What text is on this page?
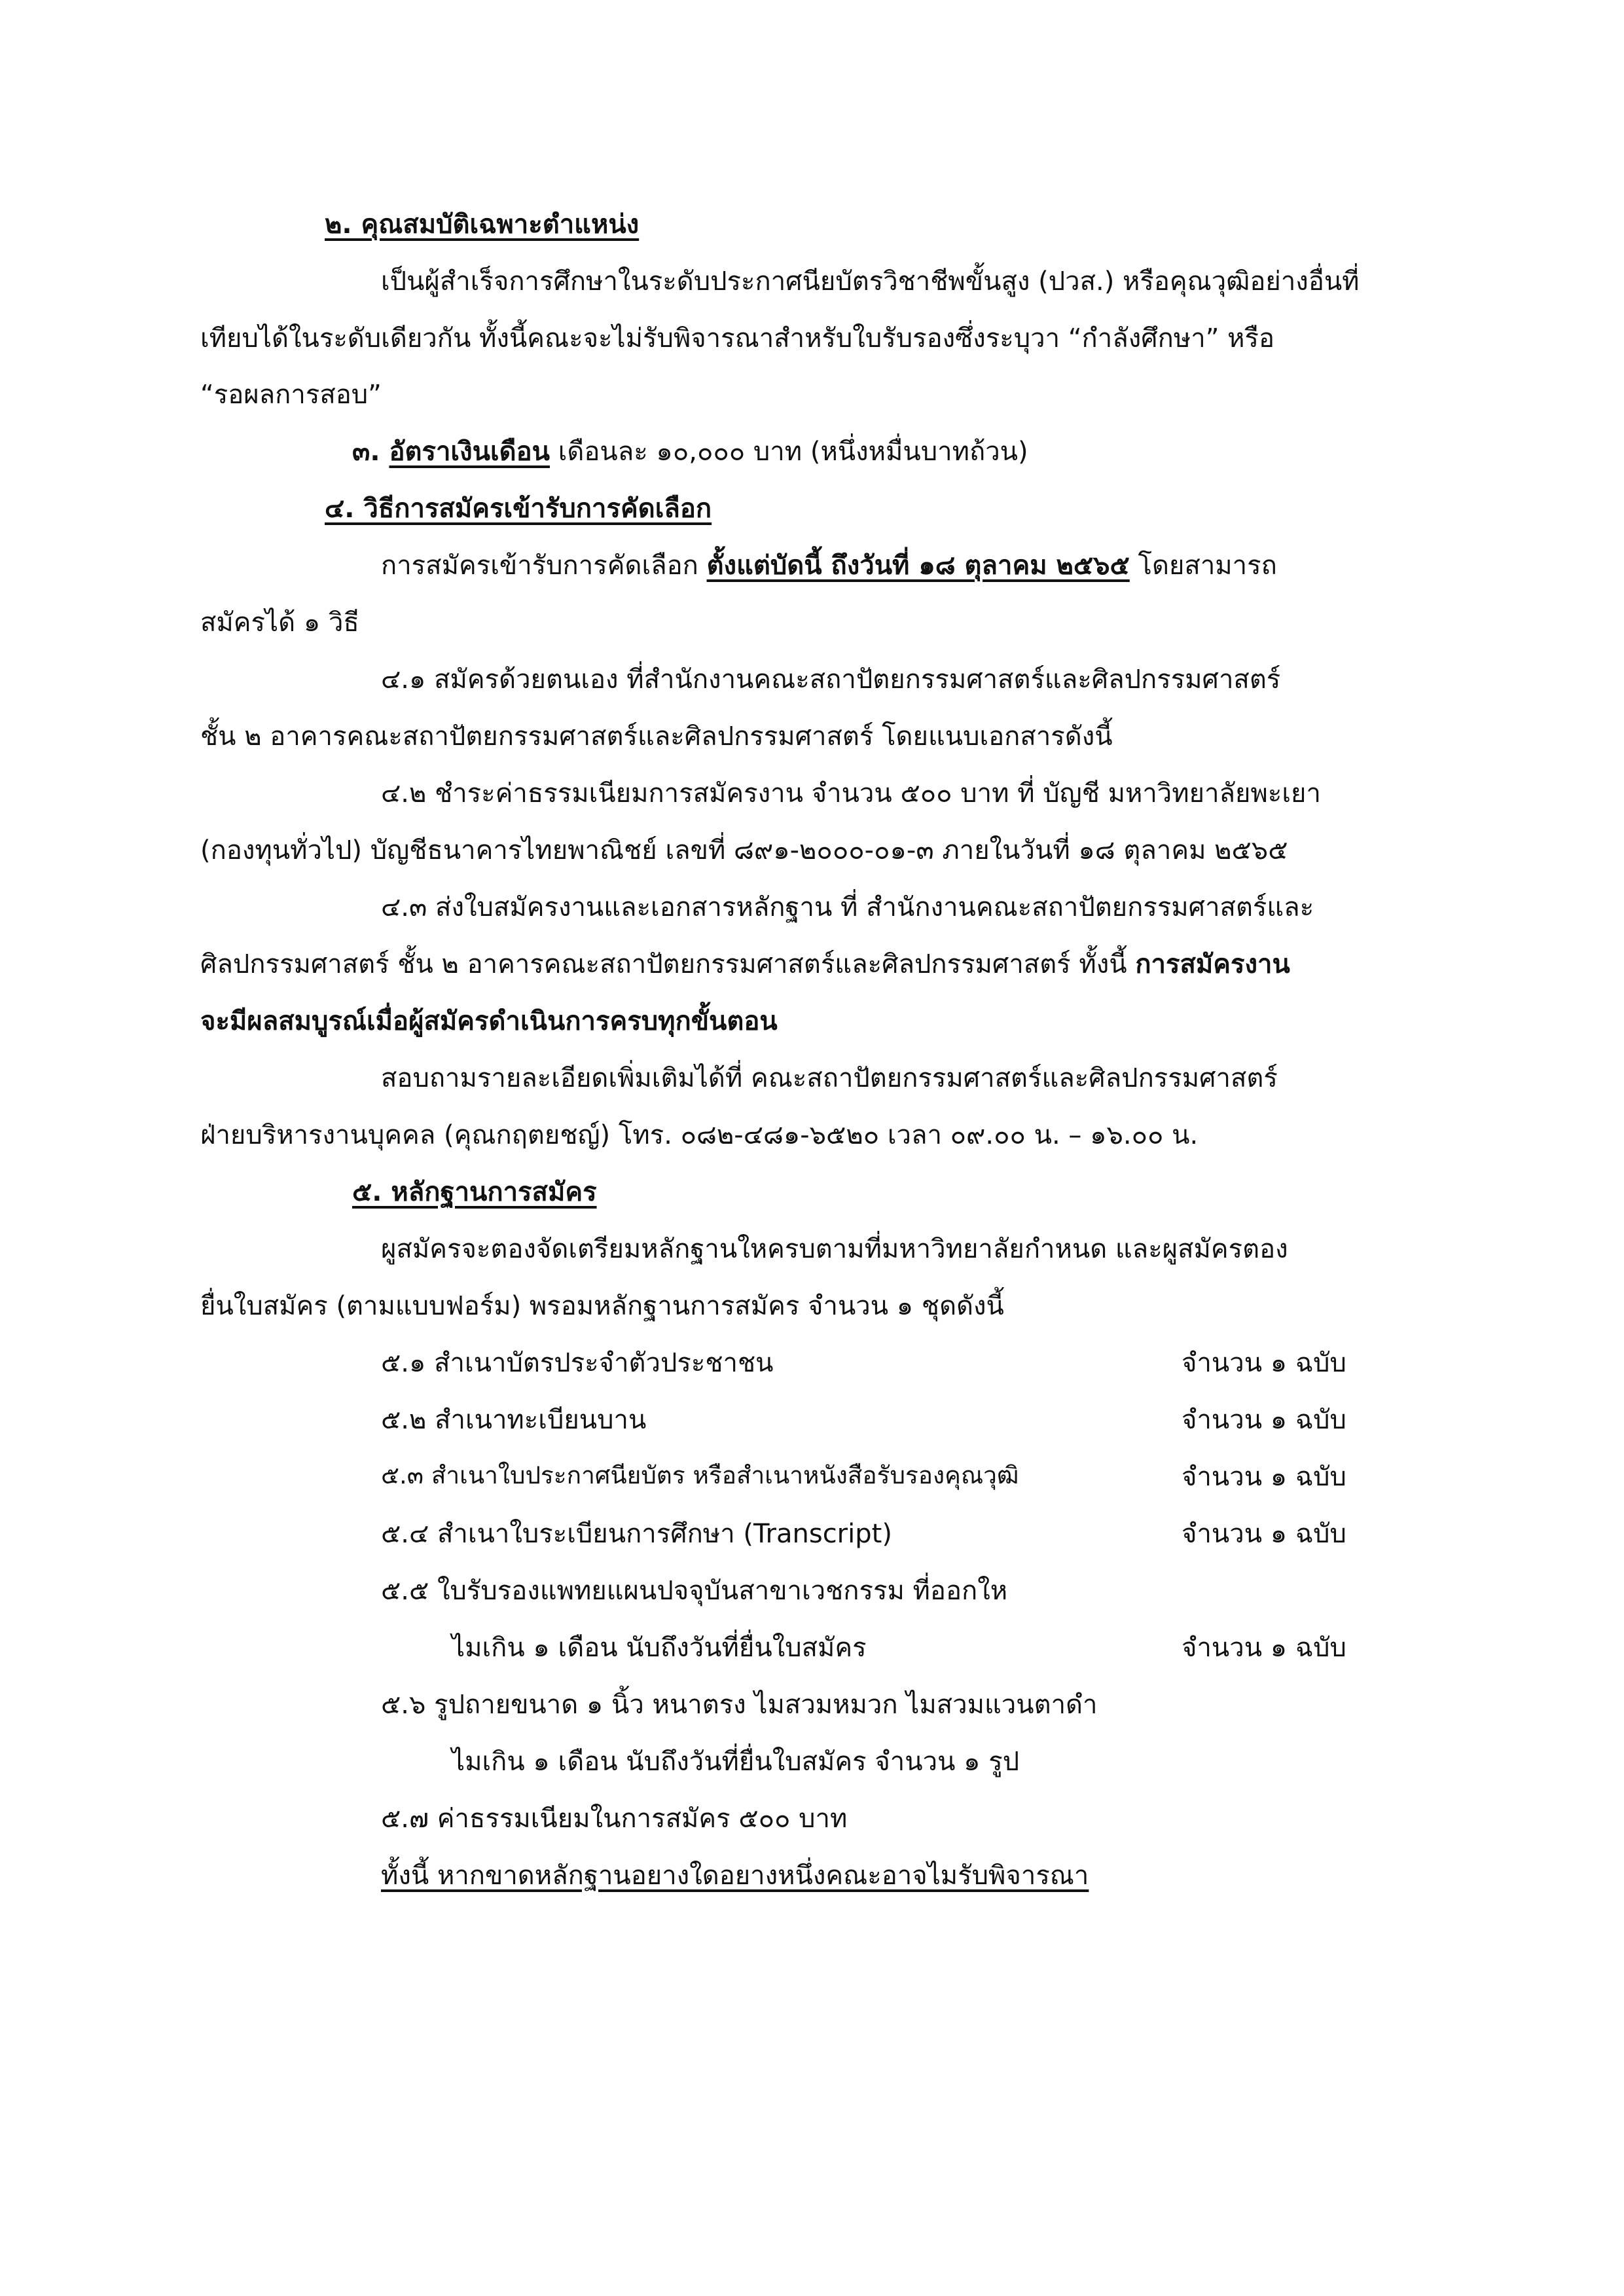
๒. คุณสมบัติเฉพาะตำแหน่ง
เป็นผู้สำเร็จการศึกษาในระดับประกาศนียบัตรวิชาชีพขั้นสูง (ปวส.) หรือคุณวุฒิอย่างอื่นที่
เทียบได้ในระดับเดียวกัน ทั้งนี้คณะจะไม่รับพิจารณาสำหรับใบรับรองซึ่งระบุวา “กำลังศึกษา” หรือ
“รอผลการสอบ”
๓. อัตราเงินเดือน เดือนละ ๑๐,๐๐๐ บาท (หนึ่งหมื่นบาทถ้วน)
๔. วิธีการสมัครเข้ารับการคัดเลือก
การสมัครเข้ารับการคัดเลือก ตั้งแต่บัดนี้ ถึงวันที่ ๑๘ ตุลาคม ๒๕๖๕ โดยสามารถ
สมัครได้ ๑ วิธี
๔.๑ สมัครด้วยตนเอง ที่สำนักงานคณะสถาปัตยกรรมศาสตร์และศิลปกรรมศาสตร์
ชั้น ๒ อาคารคณะสถาปัตยกรรมศาสตร์และศิลปกรรมศาสตร์ โดยแนบเอกสารดังนี้
๔.๒ ชำระค่าธรรมเนียมการสมัครงาน จำนวน ๕๐๐ บาท ที่ บัญชี มหาวิทยาลัยพะเยา
(กองทุนทั่วไป) บัญชีธนาคารไทยพาณิชย์ เลขที่ ๘๙๑-๒๐๐๐-๐๑-๓ ภายในวันที่ ๑๘ ตุลาคม ๒๕๖๕
๔.๓ ส่งใบสมัครงานและเอกสารหลักฐาน ที่ สำนักงานคณะสถาปัตยกรรมศาสตร์และ
ศิลปกรรมศาสตร์ ชั้น ๒ อาคารคณะสถาปัตยกรรมศาสตร์และศิลปกรรมศาสตร์ ทั้งนี้ การสมัครงาน
จะมีผลสมบูรณ์เมื่อผู้สมัครดำเนินการครบทุกขั้นตอน
สอบถามรายละเอียดเพิ่มเติมได้ที่ คณะสถาปัตยกรรมศาสตร์และศิลปกรรมศาสตร์
ฝ่ายบริหารงานบุคคล (คุณกฤตยชญ์) โทร. ๐๘๒-๔๘๑-๖๕๒๐ เวลา ๐๙.๐๐ น. – ๑๖.๐๐ น.
๕. หลักฐานการสมัคร
ผูสมัครจะตองจัดเตรียมหลักฐานใหครบตามที่มหาวิทยาลัยกำหนด และผูสมัครตอง
ยื่นใบสมัคร (ตามแบบฟอร์ม) พรอมหลักฐานการสมัคร จำนวน ๑ ชุดดังนี้
๕.๑ สำเนาบัตรประจำตัวประชาชน	จำนวน ๑ ฉบับ
๕.๒ สำเนาทะเบียนบาน	จำนวน ๑ ฉบับ
๕.๓ สำเนาใบประกาศนียบัตร หรือสำเนาหนังสือรับรองคุณวุฒิ	จำนวน ๑ ฉบับ
๕.๔ สำเนาใบระเบียนการศึกษา (Transcript)	จำนวน ๑ ฉบับ
๕.๕ ใบรับรองแพทยแผนปจจุบันสาขาเวชกรรม ที่ออกให
ไมเกิน ๑ เดือน นับถึงวันที่ยื่นใบสมัคร	จำนวน ๑ ฉบับ
๕.๖ รูปถายขนาด ๑ นิ้ว หนาตรง ไมสวมหมวก ไมสวมแวนตาดำ
ไมเกิน ๑ เดือน นับถึงวันที่ยื่นใบสมัคร จำนวน ๑ รูป
๕.๗ ค่าธรรมเนียมในการสมัคร ๕๐๐ บาท
ทั้งนี้ หากขาดหลักฐานอยางใดอยางหนึ่งคณะอาจไมรับพิจารณา
